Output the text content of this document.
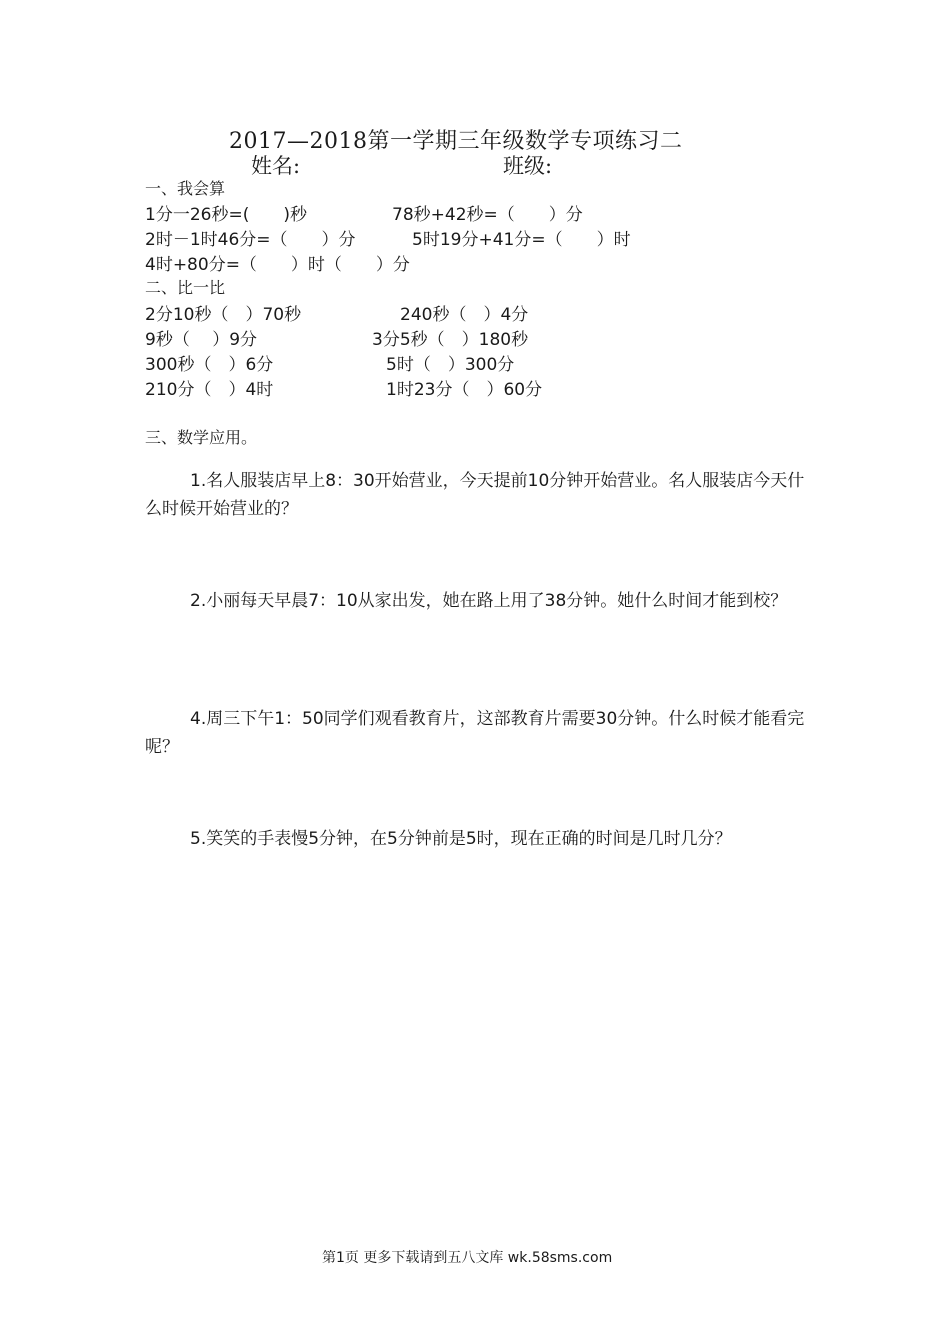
2017—2018第一学期三年级数学专项练习二
姓名:	班级:
一、我会算
1分一26秒=(　　)秒	78秒+42秒=（　　）分
2时－1时46分=（　　）分	5时19分+41分=（　　）时
4时+80分=（　　）时（　　）分
二、比一比
2分10秒（　）70秒	240秒（　）4分
9秒（　 ）9分	3分5秒（　）180秒
300秒（　）6分	5时（　）300分
210分（　）4时	1时23分（　）60分
三、数学应用。
1.名人服装店早上8：30开始营业，今天提前10分钟开始营业。名人服装店今天什么时候开始营业的？
2.小丽每天早晨7：10从家出发，她在路上用了38分钟。她什么时间才能到校？
4.周三下午1：50同学们观看教育片，这部教育片需要30分钟。什么时候才能看完呢？
5.笑笑的手表慢5分钟，在5分钟前是5时，现在正确的时间是几时几分？
第1页 更多下载请到五八文库 wk.58sms.com
